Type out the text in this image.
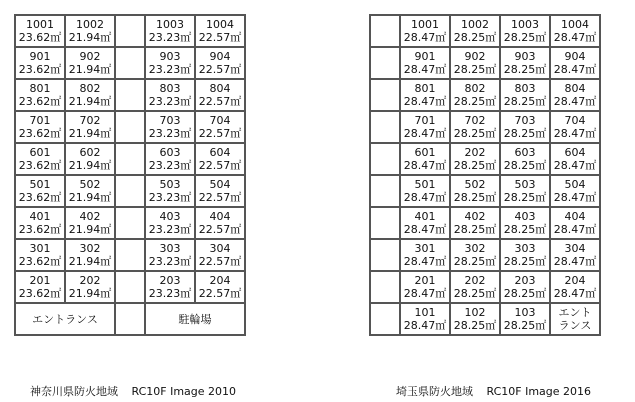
1001
23.62㎡	1002
21.94㎡		1003
23.23㎡	1004
22.57㎡

901
23.62㎡	902
21.94㎡		903
23.23㎡	904
22.57㎡

801
23.62㎡	802
21.94㎡		803
23.23㎡	804
22.57㎡

701
23.62㎡	702
21.94㎡		703
23.23㎡	704
22.57㎡

601
23.62㎡	602
21.94㎡		603
23.23㎡	604
22.57㎡

501
23.62㎡	502
21.94㎡		503
23.23㎡	504
22.57㎡

401
23.62㎡	402
21.94㎡		403
23.23㎡	404
22.57㎡

301
23.62㎡	302
21.94㎡		303
23.23㎡	304
22.57㎡

201
23.62㎡	202
21.94㎡		203
23.23㎡	204
22.57㎡

エントランス			駐輪場	

	1001
28.47㎡	1002
28.25㎡	1003
28.25㎡	1004
28.47㎡

	901
28.47㎡	902
28.25㎡	903
28.25㎡	904
28.47㎡

	801
28.47㎡	802
28.25㎡	803
28.25㎡	804
28.47㎡

	701
28.47㎡	702
28.25㎡	703
28.25㎡	704
28.47㎡

	601
28.47㎡	202
28.25㎡	603
28.25㎡	604
28.47㎡

	501
28.47㎡	502
28.25㎡	503
28.25㎡	504
28.47㎡

	401
28.47㎡	402
28.25㎡	403
28.25㎡	404
28.47㎡

	301
28.47㎡	302
28.25㎡	303
28.25㎡	304
28.47㎡

	201
28.47㎡	202
28.25㎡	203
28.25㎡	204
28.47㎡

	101
28.47㎡	102
28.25㎡	103
28.25㎡	エント
ランス
神奈川県防火地域 RC10F Image 2010	埼玉県防火地域 RC10F Image 2016
